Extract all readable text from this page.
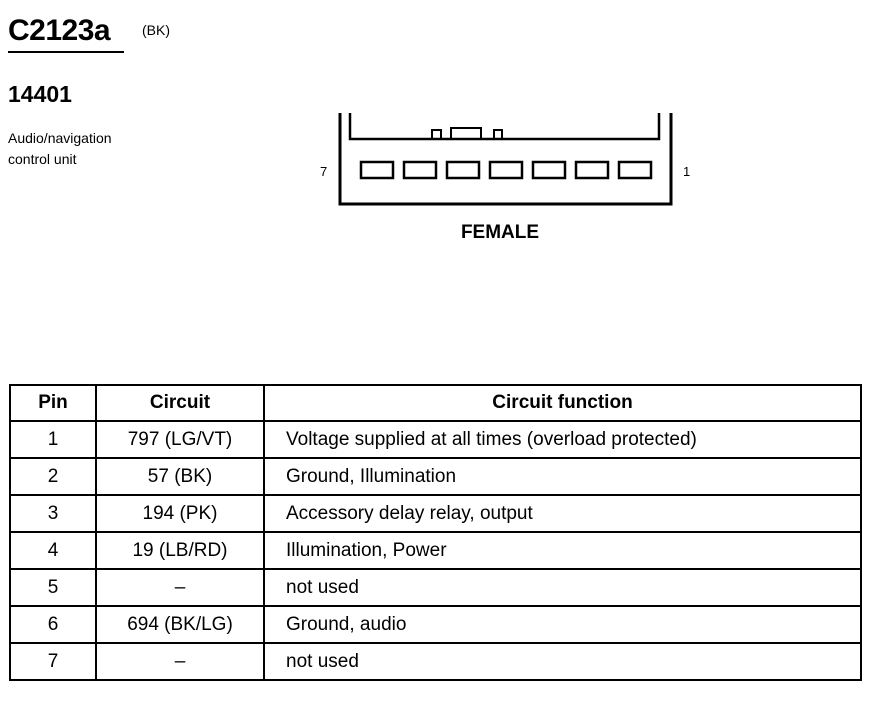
C2123a (BK)
14401
Audio/navigation
control unit
7	1
FEMALE
Pin	Circuit	Circuit function
1	797 (LG/VT)	Voltage supplied at all times (overload protected)
2	57 (BK)	Ground, Illumination
3	194 (PK)	Accessory delay relay, output
4	19 (LB/RD)	Illumination, Power
5	–	not used
6	694 (BK/LG)	Ground, audio
7	–	not used
